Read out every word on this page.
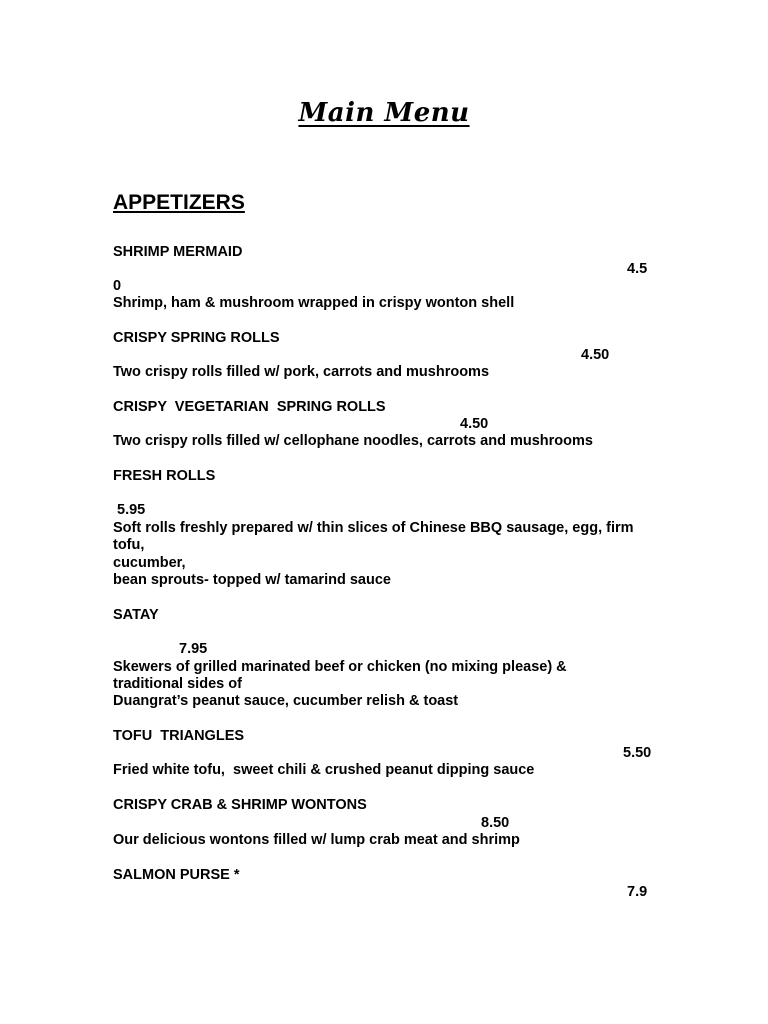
Main Menu
APPETIZERS
SHRIMP MERMAID
4.5
0
Shrimp, ham & mushroom wrapped in crispy wonton shell
CRISPY SPRING ROLLS
4.50
Two crispy rolls filled w/ pork, carrots and mushrooms
CRISPY  VEGETARIAN  SPRING ROLLS
4.50
Two crispy rolls filled w/ cellophane noodles, carrots and mushrooms
FRESH ROLLS
5.95
Soft rolls freshly prepared w/ thin slices of Chinese BBQ sausage, egg, firm
tofu,
cucumber,
bean sprouts- topped w/ tamarind sauce
SATAY
7.95
Skewers of grilled marinated beef or chicken (no mixing please) &
traditional sides of
Duangrat’s peanut sauce, cucumber relish & toast
TOFU  TRIANGLES
5.50
Fried white tofu,  sweet chili & crushed peanut dipping sauce
CRISPY CRAB & SHRIMP WONTONS
8.50
Our delicious wontons filled w/ lump crab meat and shrimp
SALMON PURSE *
7.9
